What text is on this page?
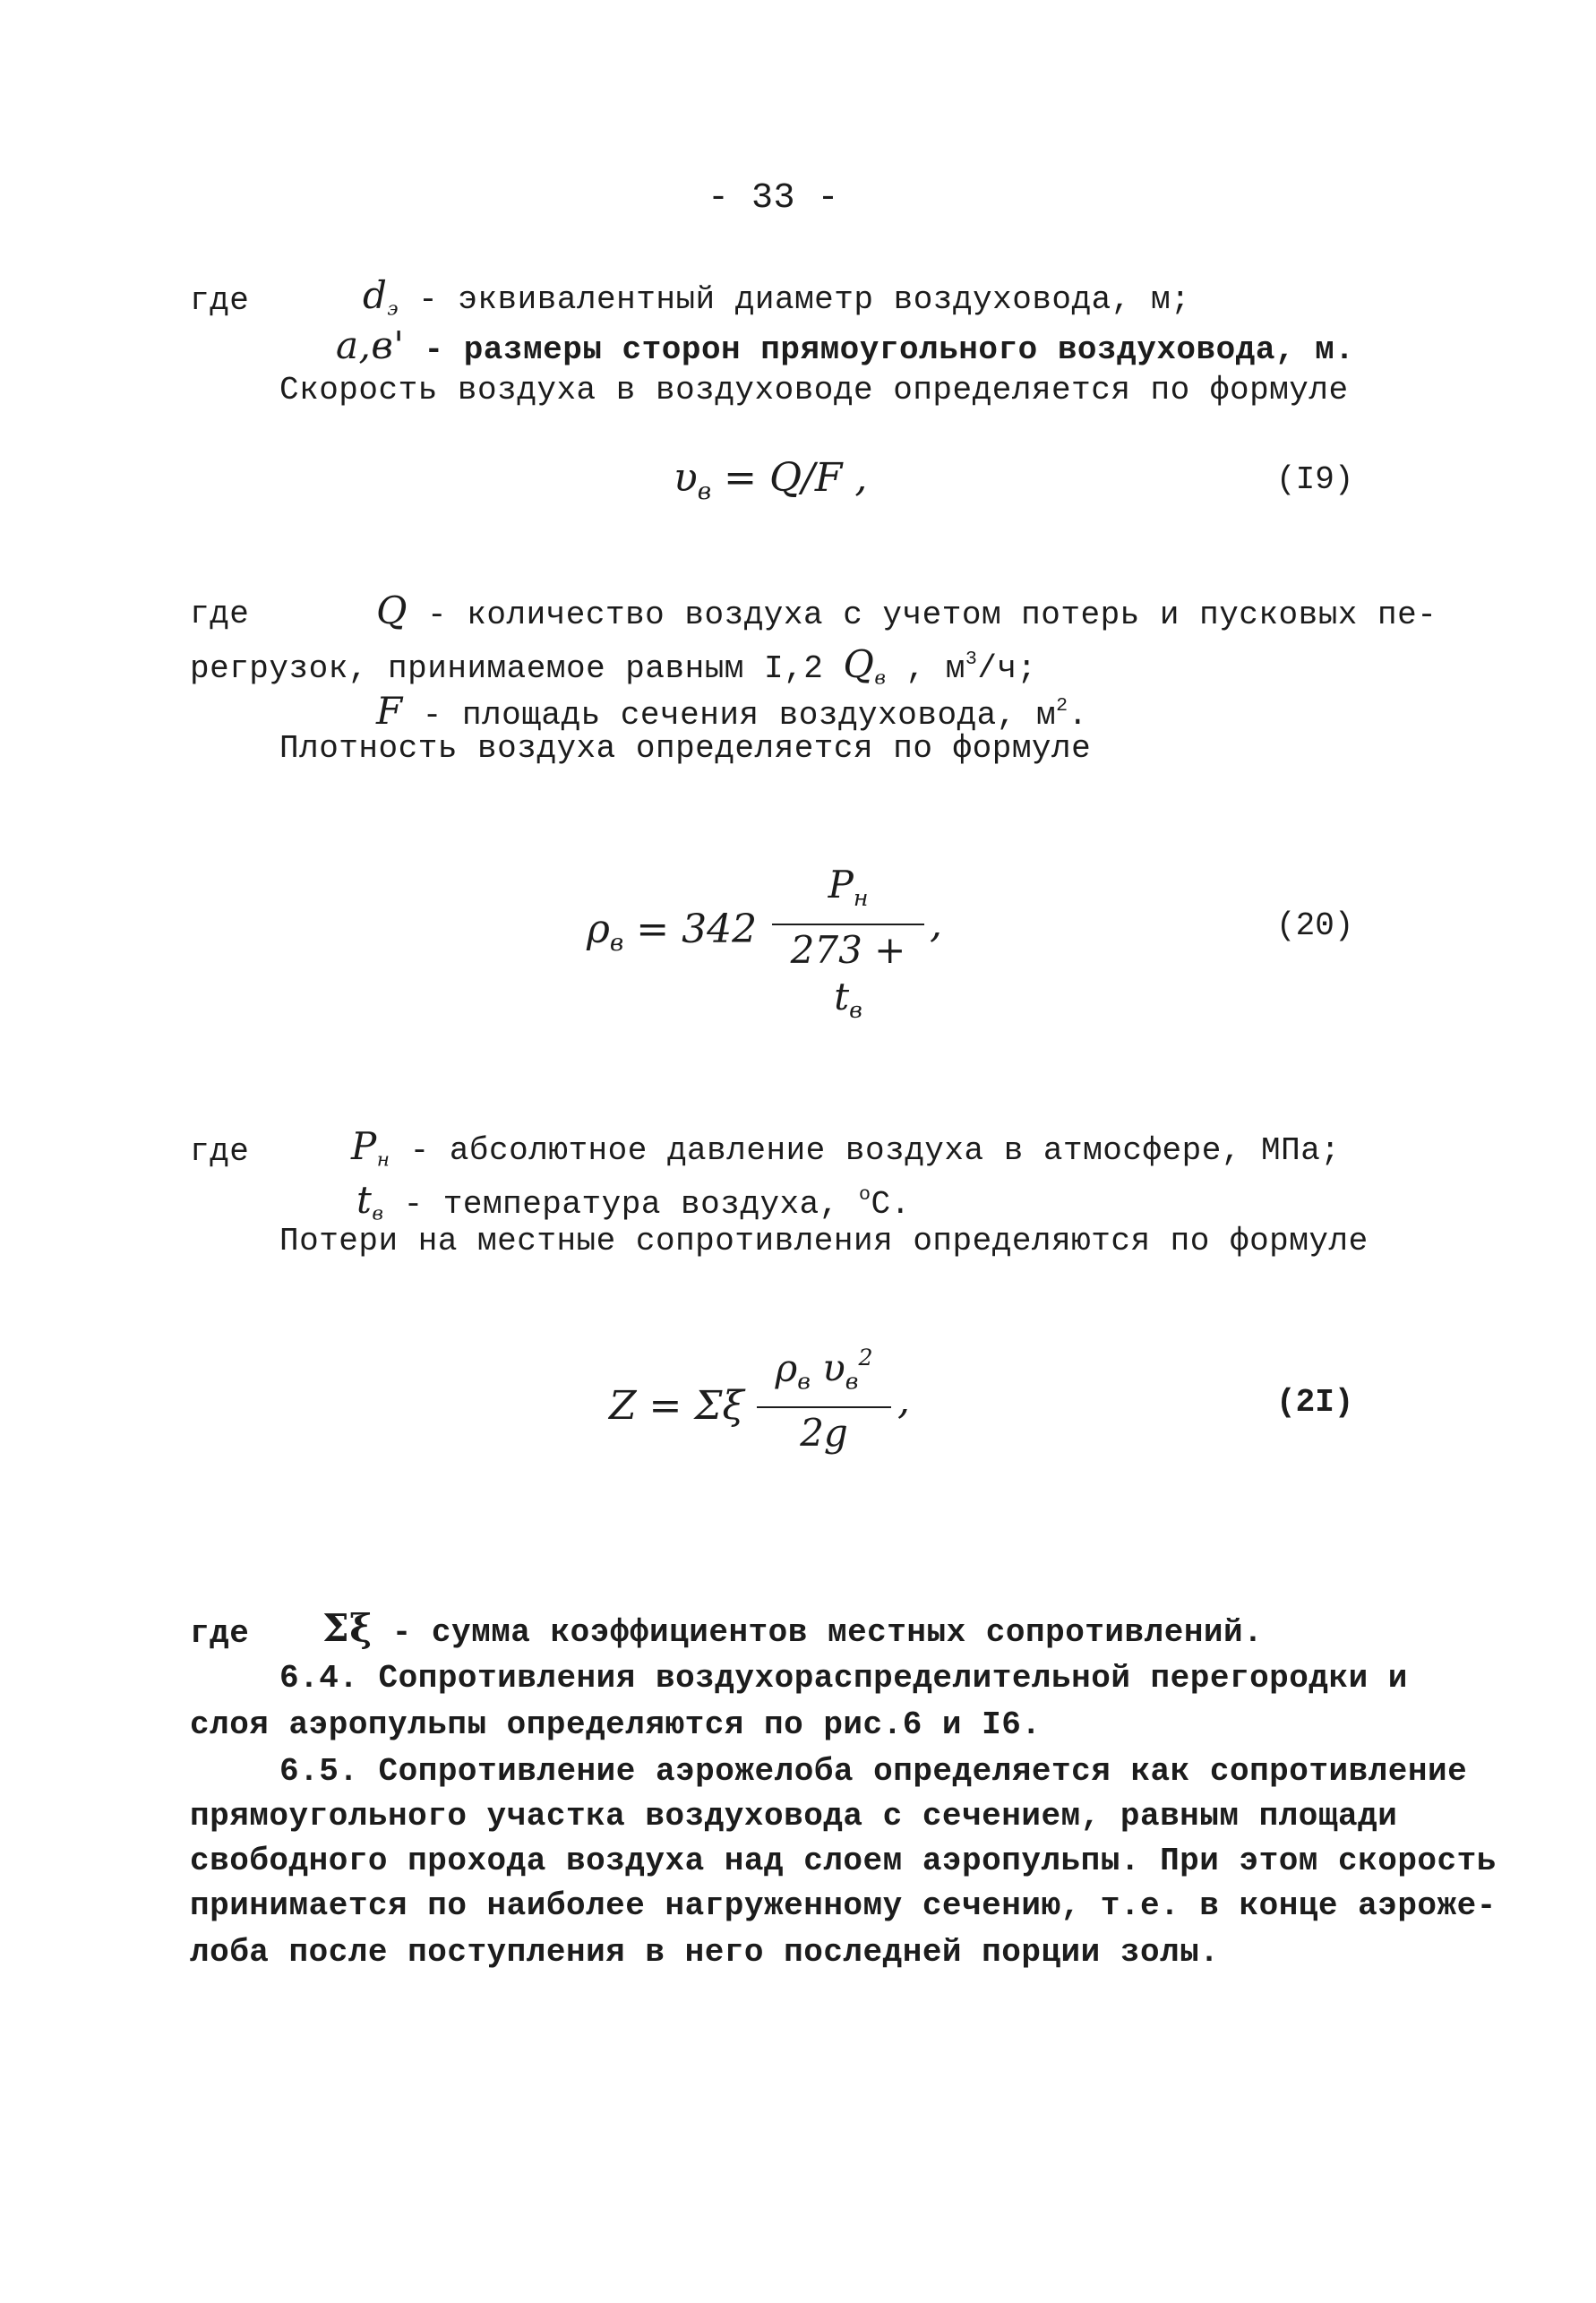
- 33 -
где	$d_э$ - эквивалентный диаметр воздуховода, м;
a,в' - размеры сторон прямоугольного воздуховода, м.
Скорость воздуха в воздуховоде определяется по формуле
$\upsilon_в = Q/F$ ,	(I9)
где	Q - количество воздуха с учетом потерь и пусковых пе-
регрузок, принимаемое равным I,2 $Q_в$ , $м^3/ч$;
F - площадь сечения воздуховода, $м^2$.
Плотность воздуха определяется по формуле
$\rho_в = 342$
$P_н$
$273 + t_в$
,	(20)
где	$P_н$ - абсолютное давление воздуха в атмосфере, МПа;
$t_в$ - температура воздуха, $^о$С.
Потери на местные сопротивления определяются по формуле
Z = Σξ
$\rho_в$ $\upsilon_в^2$
2g
,	(2I)
где Σξ - сумма коэффициентов местных сопротивлений.
6.4. Сопротивления воздухораспределительной перегородки и
слоя аэропульпы определяются по рис.6 и I6.
6.5. Сопротивление аэрожелоба определяется как сопротивление
прямоугольного участка воздуховода с сечением, равным площади
свободного прохода воздуха над слоем аэропульпы. При этом скорость
принимается по наиболее нагруженному сечению, т.е. в конце аэроже-
лоба после поступления в него последней порции золы.
